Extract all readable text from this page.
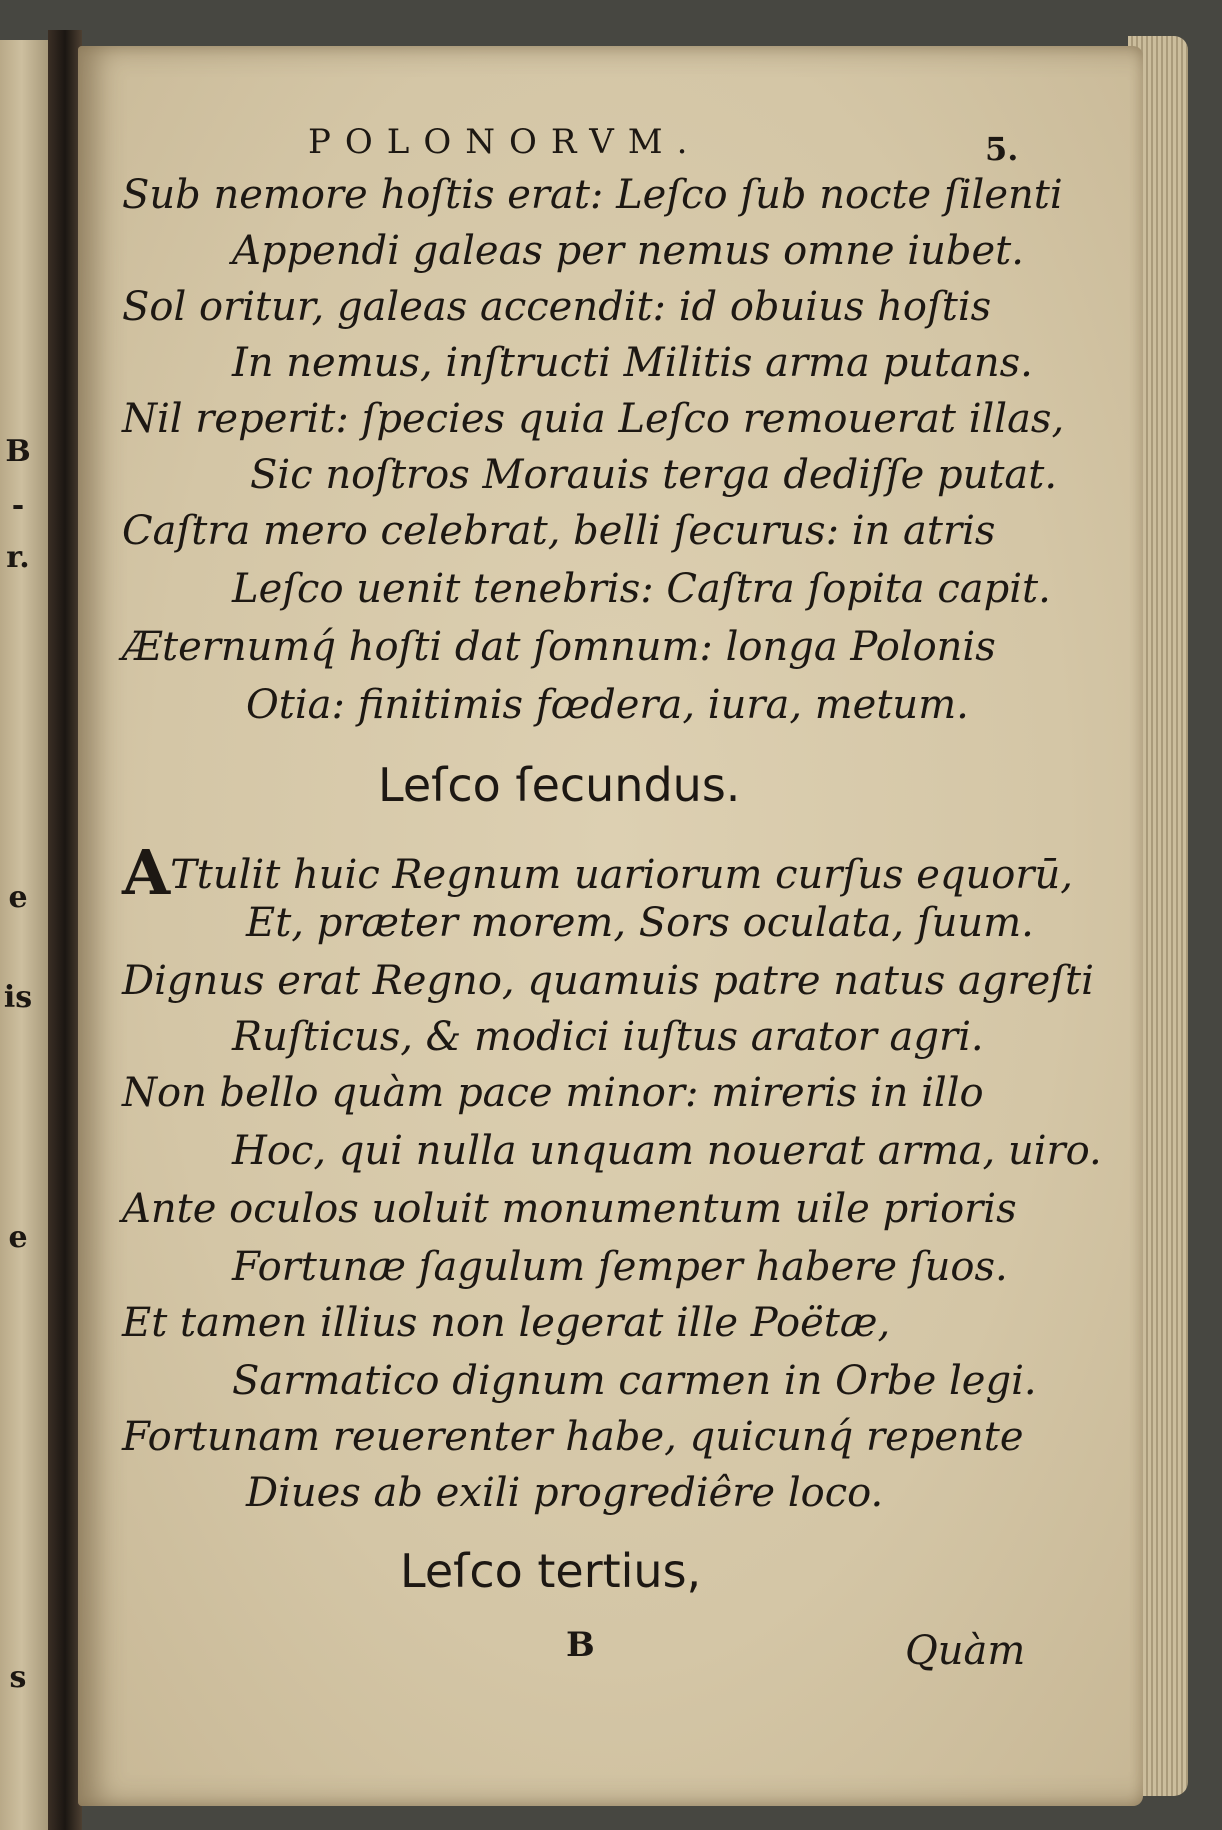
B
-
r.
e
is
e
s
POLONORVM.	5.
Sub nemore hoſtis erat: Leſco ſub nocte ſilenti
Appendi galeas per nemus omne iubet.
Sol oritur, galeas accendit: id obuius hoſtis
In nemus, inſtructi Militis arma putans.
Nil reperit: ſpecies quia Leſco remouerat illas,
Sic noſtros Morauis terga dediſſe putat.
Caſtra mero celebrat, belli ſecurus: in atris
Leſco uenit tenebris: Caſtra ſopita capit.
Æternumq́ hoſti dat ſomnum: longa Polonis
Otia: finitimis fœdera, iura, metum.
Leſco ſecundus.
ATtulit huic Regnum uariorum curſus equorū,
Et, præter morem, Sors oculata, ſuum.
Dignus erat Regno, quamuis patre natus agreſti
Ruſticus, & modici iuſtus arator agri.
Non bello quàm pace minor: mireris in illo
Hoc, qui nulla unquam nouerat arma, uiro.
Ante oculos uoluit monumentum uile prioris
Fortunæ ſagulum ſemper habere ſuos.
Et tamen illius non legerat ille Poëtæ,
Sarmatico dignum carmen in Orbe legi.
Fortunam reuerenter habe, quicunq́ repente
Diues ab exili progrediêre loco.
Leſco tertius,
B	Quàm
